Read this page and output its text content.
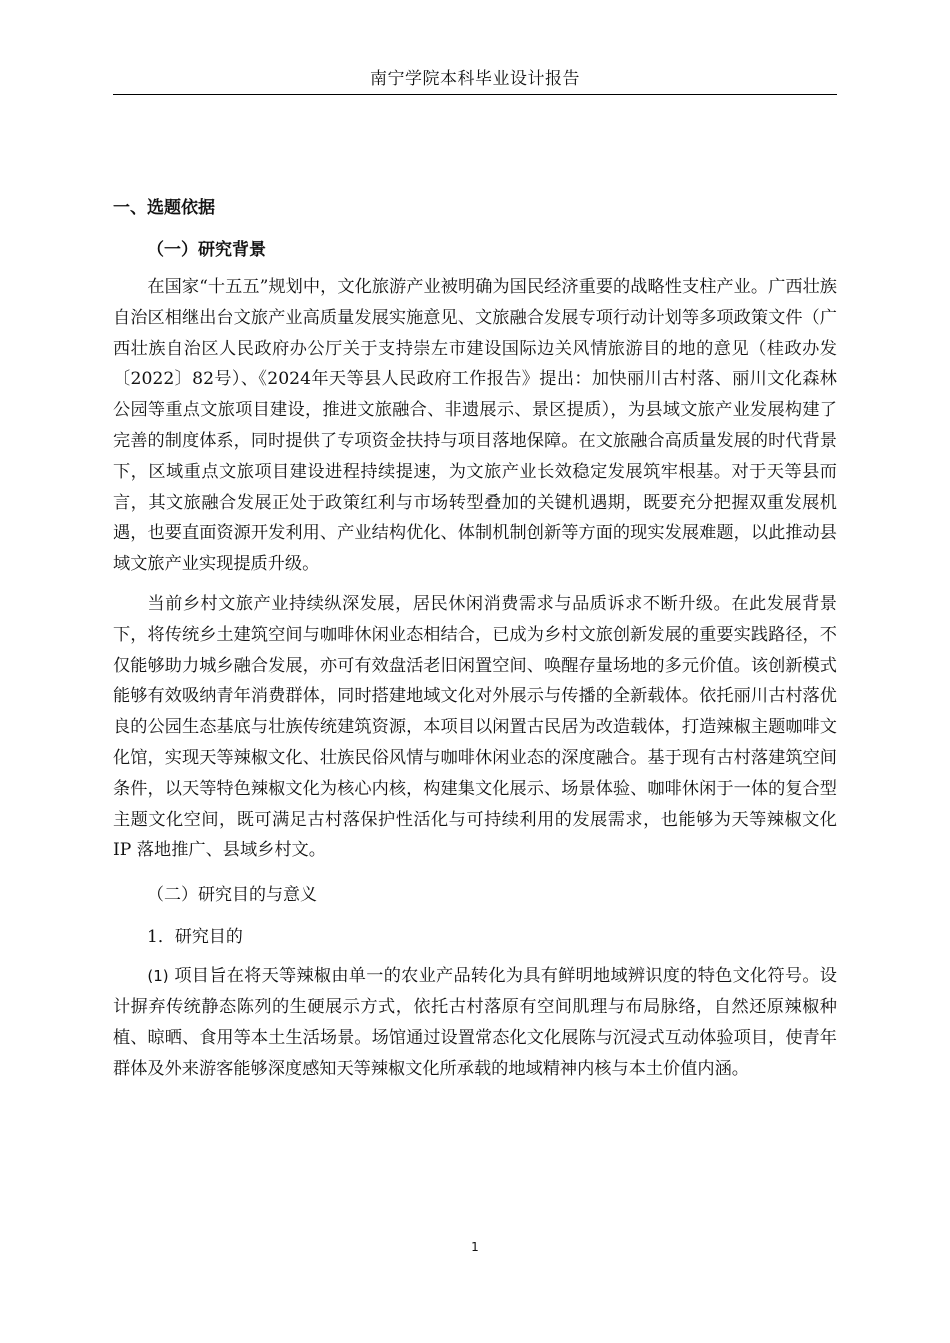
南宁学院本科毕业设计报告
一、选题依据
（一）研究背景

在国家“十五五”规划中，文化旅游产业被明确为国民经济重要的战略性支柱产业。广西壮族自治区相继出台文旅产业高质量发展实施意见、文旅融合发展专项行动计划等多项政策文件（广西壮族自治区人民政府办公厅关于支持崇左市建设国际边关风情旅游目的地的意见（桂政办发〔2022〕82号）、《2024年天等县人民政府工作报告》提出：加快丽川古村落、丽川文化森林公园等重点文旅项目建设，推进文旅融合、非遗展示、景区提质），为县域文旅产业发展构建了完善的制度体系，同时提供了专项资金扶持与项目落地保障。在文旅融合高质量发展的时代背景下，区域重点文旅项目建设进程持续提速，为文旅产业长效稳定发展筑牢根基。对于天等县而言，其文旅融合发展正处于政策红利与市场转型叠加的关键机遇期，既要充分把握双重发展机遇，也要直面资源开发利用、产业结构优化、体制机制创新等方面的现实发展难题，以此推动县域文旅产业实现提质升级。

当前乡村文旅产业持续纵深发展，居民休闲消费需求与品质诉求不断升级。在此发展背景下，将传统乡土建筑空间与咖啡休闲业态相结合，已成为乡村文旅创新发展的重要实践路径，不仅能够助力城乡融合发展，亦可有效盘活老旧闲置空间、唤醒存量场地的多元价值。该创新模式能够有效吸纳青年消费群体，同时搭建地域文化对外展示与传播的全新载体。依托丽川古村落优良的公园生态基底与壮族传统建筑资源，本项目以闲置古民居为改造载体，打造辣椒主题咖啡文化馆，实现天等辣椒文化、壮族民俗风情与咖啡休闲业态的深度融合。基于现有古村落建筑空间条件，以天等特色辣椒文化为核心内核，构建集文化展示、场景体验、咖啡休闲于一体的复合型主题文化空间，既可满足古村落保护性活化与可持续利用的发展需求，也能够为天等辣椒文化 IP 落地推广、县域乡村文。

（二）研究目的与意义
1．研究目的

(1) 项目旨在将天等辣椒由单一的农业产品转化为具有鲜明地域辨识度的特色文化符号。设计摒弃传统静态陈列的生硬展示方式，依托古村落原有空间肌理与布局脉络，自然还原辣椒种植、晾晒、食用等本土生活场景。场馆通过设置常态化文化展陈与沉浸式互动体验项目，使青年群体及外来游客能够深度感知天等辣椒文化所承载的地域精神内核与本土价值内涵。

1
